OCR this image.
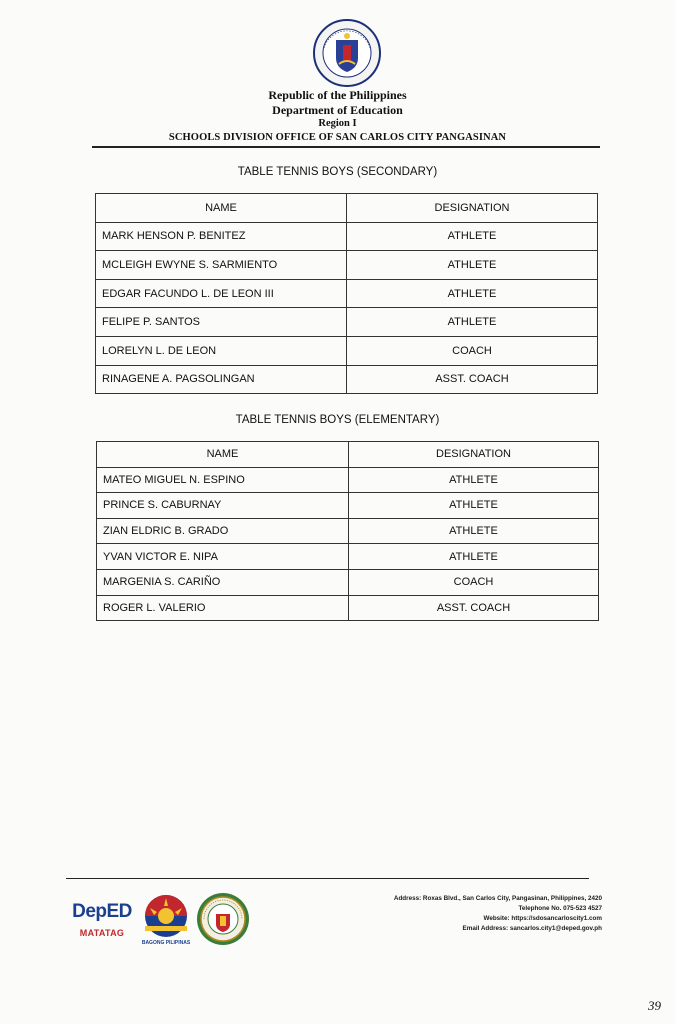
Republic of the Philippines
Department of Education
Region I
SCHOOLS DIVISION OFFICE OF SAN CARLOS CITY PANGASINAN
TABLE TENNIS BOYS (SECONDARY)
NAME	DESIGNATION
MARK HENSON P. BENITEZ	ATHLETE
MCLEIGH EWYNE S. SARMIENTO	ATHLETE
EDGAR FACUNDO L. DE LEON III	ATHLETE
FELIPE P. SANTOS	ATHLETE
LORELYN L. DE LEON	COACH
RINAGENE A. PAGSOLINGAN	ASST. COACH
TABLE TENNIS BOYS (ELEMENTARY)
NAME	DESIGNATION
MATEO MIGUEL N. ESPINO	ATHLETE
PRINCE S. CABURNAY	ATHLETE
ZIAN ELDRIC B. GRADO	ATHLETE
YVAN VICTOR E. NIPA	ATHLETE
MARGENIA S. CARIÑO	COACH
ROGER L. VALERIO	ASST. COACH
DepED
MATATAG
BAGONG PILIPINAS
Address: Roxas Blvd., San Carlos City, Pangasinan, Philippines, 2420
Telephone No. 075-523 4527
Website: https://sdosancarloscity1.com
Email Address: sancarlos.city1@deped.gov.ph
39
